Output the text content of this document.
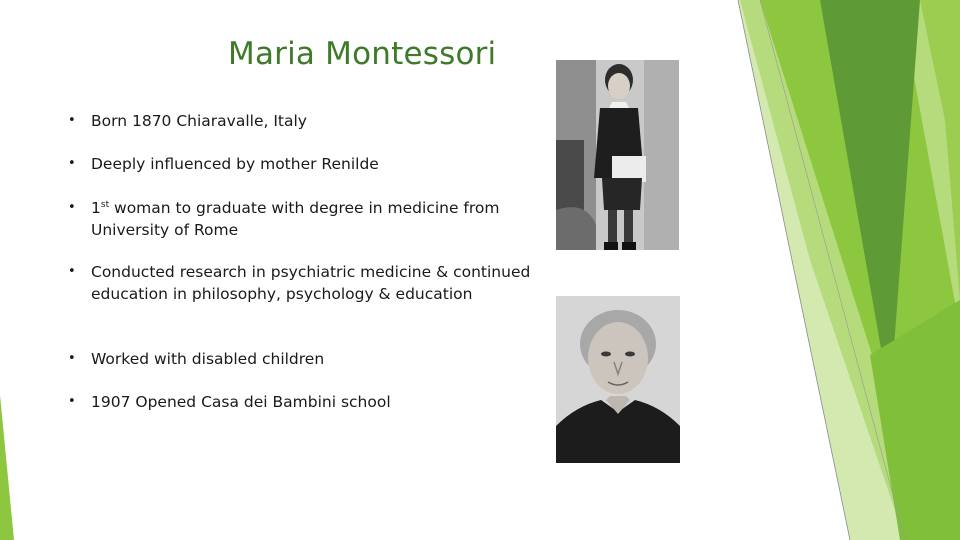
Maria Montessori
• Born 1870 Chiaravalle, Italy
• Deeply influenced by mother Renilde
• 1st woman to graduate with degree in medicine from University of Rome
• Conducted research in psychiatric medicine & continued education in philosophy, psychology & education
• Worked with disabled children
• 1907 Opened Casa dei Bambini school
